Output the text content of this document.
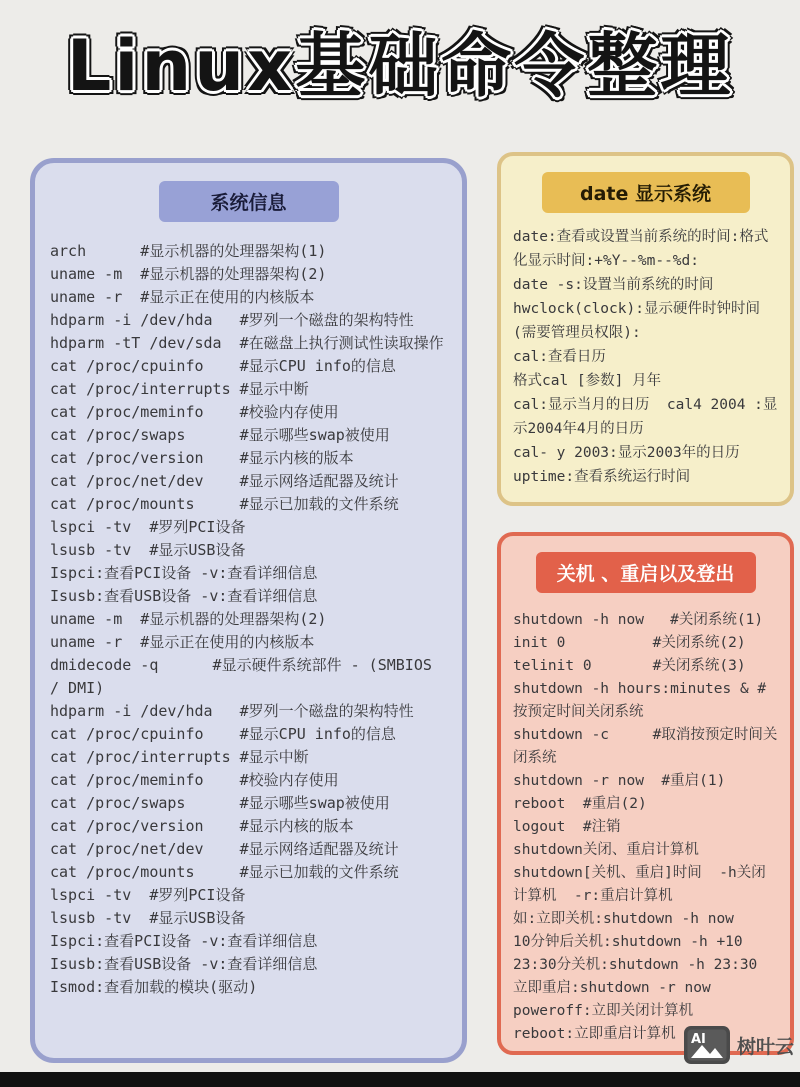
Linux基础命令整理
系统信息
arch      #显示机器的处理器架构(1)
uname -m  #显示机器的处理器架构(2)
uname -r  #显示正在使用的内核版本
hdparm -i /dev/hda   #罗列一个磁盘的架构特性
hdparm -tT /dev/sda  #在磁盘上执行测试性读取操作
cat /proc/cpuinfo    #显示CPU info的信息
cat /proc/interrupts #显示中断
cat /proc/meminfo    #校验内存使用
cat /proc/swaps      #显示哪些swap被使用
cat /proc/version    #显示内核的版本
cat /proc/net/dev    #显示网络适配器及统计
cat /proc/mounts     #显示已加载的文件系统
lspci -tv  #罗列PCI设备
lsusb -tv  #显示USB设备
Ispci:查看PCI设备 -v:查看详细信息
Isusb:查看USB设备 -v:查看详细信息
uname -m  #显示机器的处理器架构(2)
uname -r  #显示正在使用的内核版本
dmidecode -q      #显示硬件系统部件 - (SMBIOS / DMI)
hdparm -i /dev/hda   #罗列一个磁盘的架构特性
cat /proc/cpuinfo    #显示CPU info的信息
cat /proc/interrupts #显示中断
cat /proc/meminfo    #校验内存使用
cat /proc/swaps      #显示哪些swap被使用
cat /proc/version    #显示内核的版本
cat /proc/net/dev    #显示网络适配器及统计
cat /proc/mounts     #显示已加载的文件系统
lspci -tv  #罗列PCI设备
lsusb -tv  #显示USB设备
Ispci:查看PCI设备 -v:查看详细信息
Isusb:查看USB设备 -v:查看详细信息
Ismod:查看加载的模块(驱动)
date 显示系统
date:查看或设置当前系统的时间:格式化显示时间:+%Y--%m--%d:
date -s:设置当前系统的时间
hwclock(clock):显示硬件时钟时间(需要管理员权限):
cal:查看日历
格式cal [参数] 月年
cal:显示当月的日历  cal4 2004 :显示2004年4月的日历
cal- y 2003:显示2003年的日历
uptime:查看系统运行时间
关机 、重启以及登出
shutdown -h now   #关闭系统(1)
init 0          #关闭系统(2)
telinit 0       #关闭系统(3)
shutdown -h hours:minutes & #按预定时间关闭系统
shutdown -c     #取消按预定时间关闭系统
shutdown -r now  #重启(1)
reboot  #重启(2)
logout  #注销
shutdown关闭、重启计算机
shutdown[关机、重启]时间  -h关闭计算机  -r:重启计算机
如:立即关机:shutdown -h now
10分钟后关机:shutdown -h +10
23:30分关机:shutdown -h 23:30
立即重启:shutdown -r now
poweroff:立即关闭计算机
reboot:立即重启计算机	AI 树叶云
